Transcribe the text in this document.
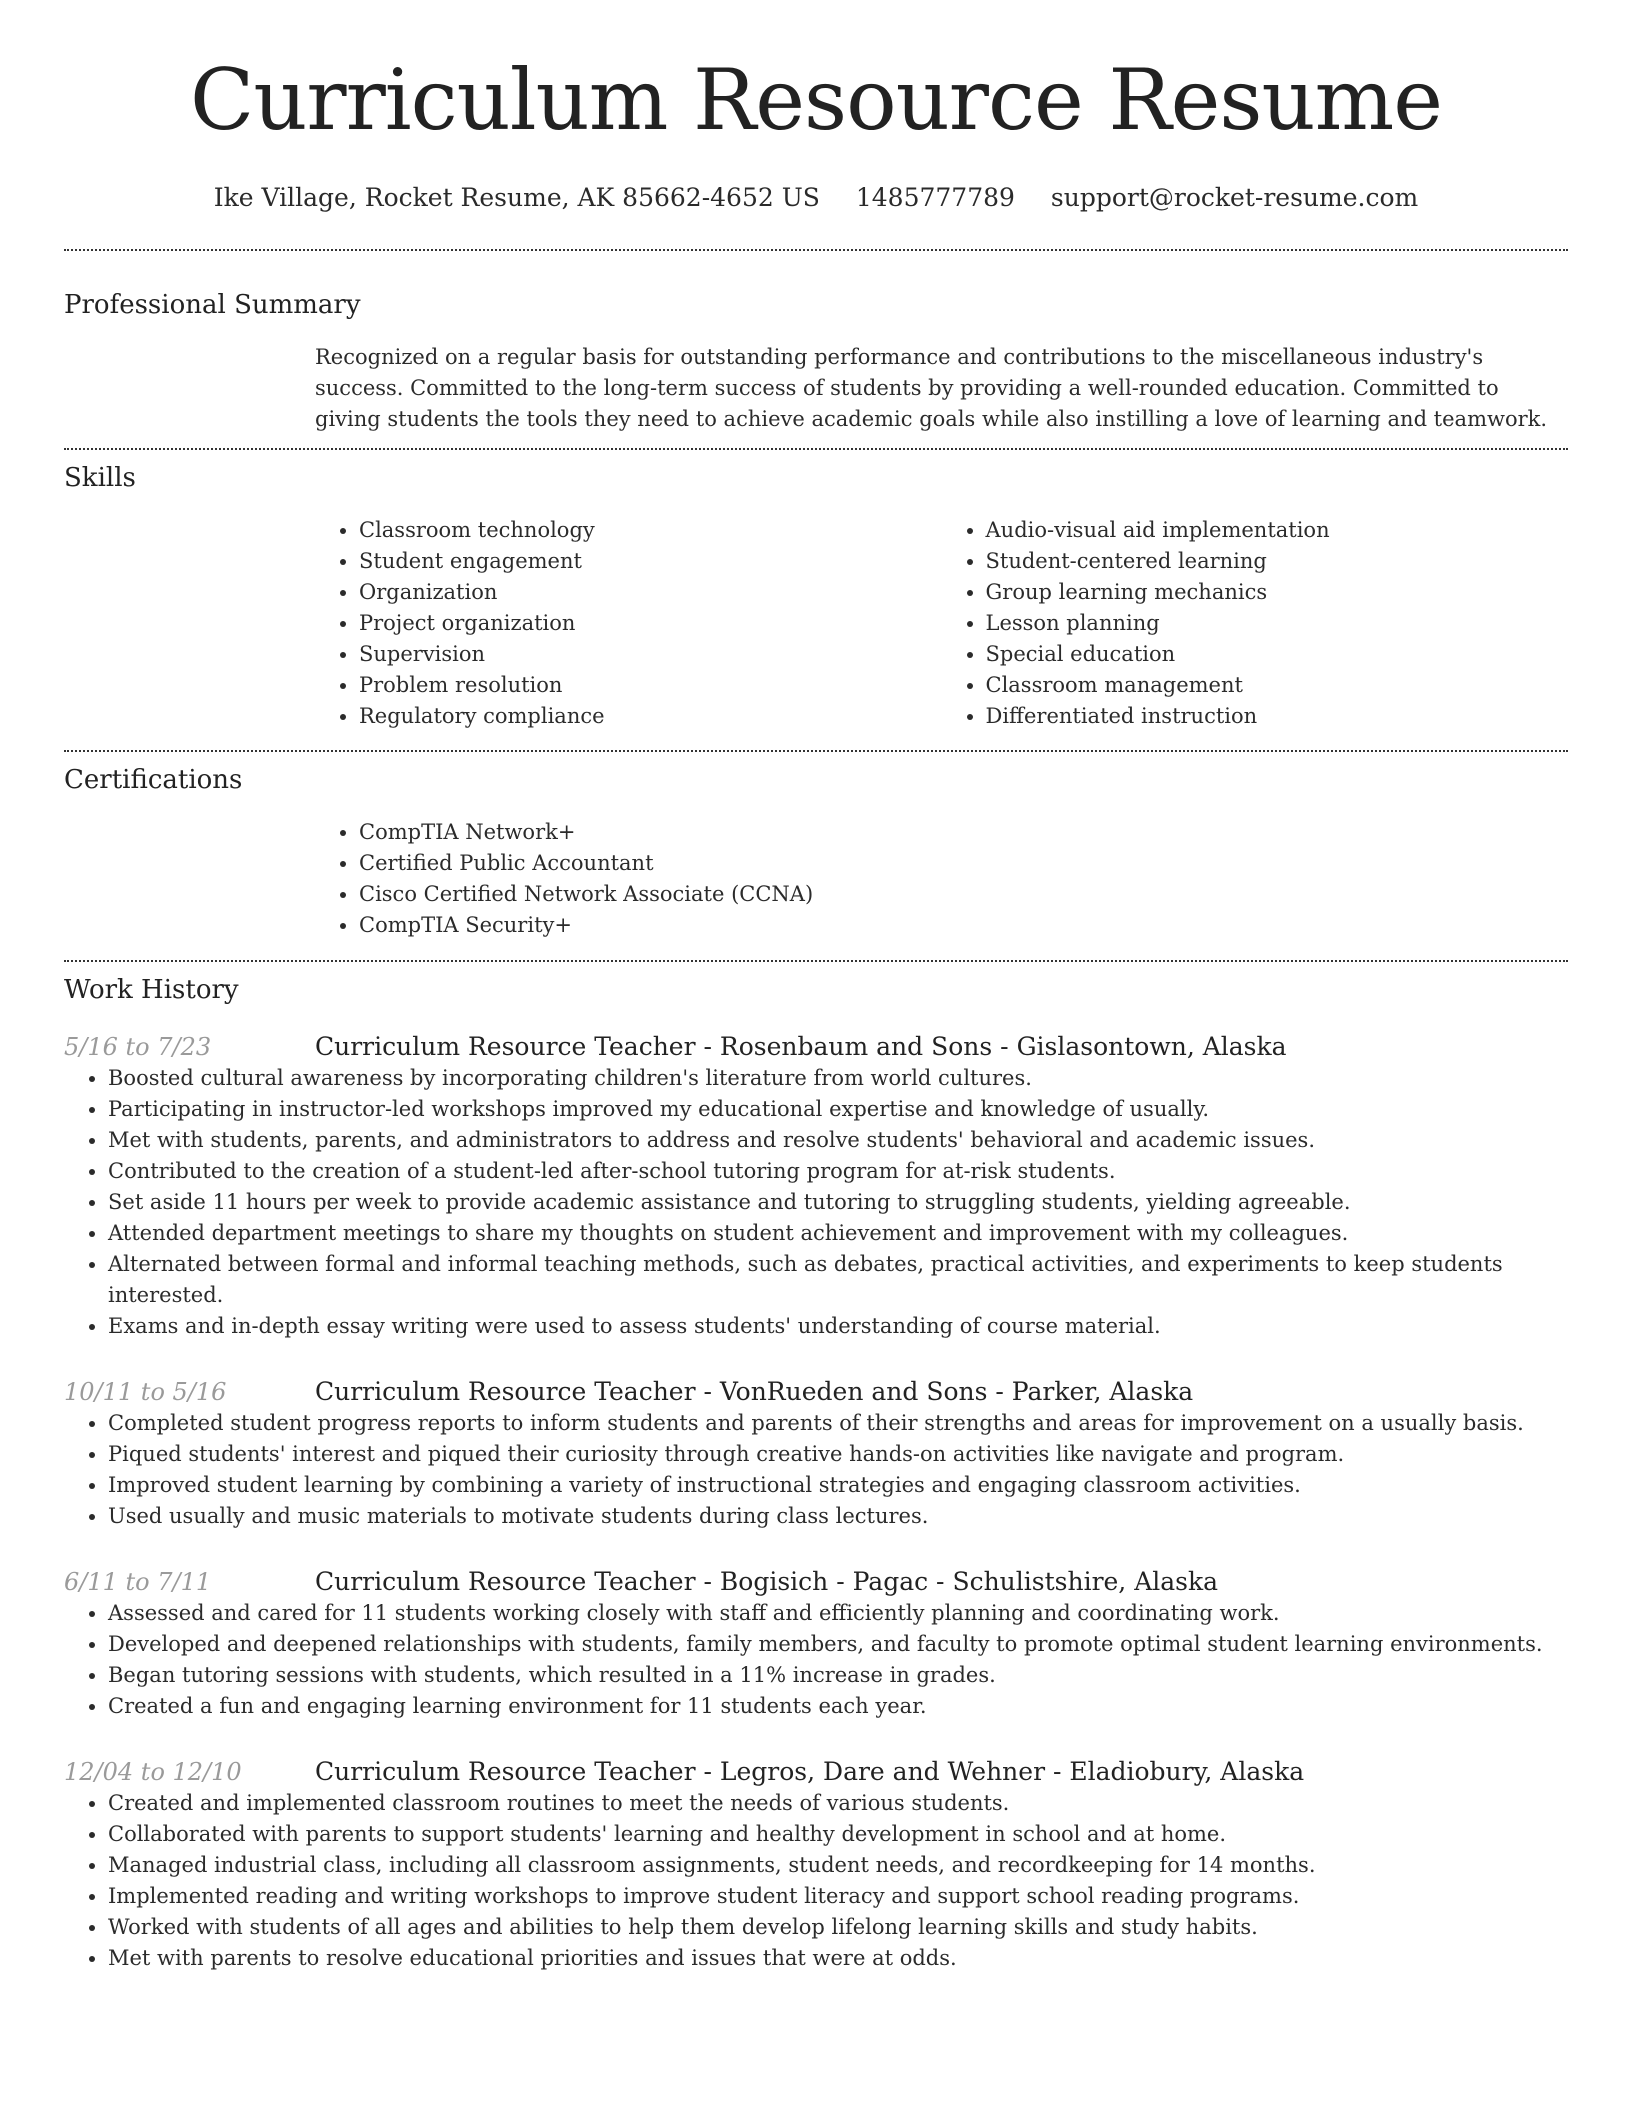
Curriculum Resource Resume
Ike Village, Rocket Resume, AK 85662-4652 US 1485777789 support@rocket-resume.com
Professional Summary
Recognized on a regular basis for outstanding performance and contributions to the miscellaneous industry's success. Committed to the long-term success of students by providing a well-rounded education. Committed to giving students the tools they need to achieve academic goals while also instilling a love of learning and teamwork.
Skills
• Classroom technology
• Student engagement
• Organization
• Project organization
• Supervision
• Problem resolution
• Regulatory compliance
• Audio-visual aid implementation
• Student-centered learning
• Group learning mechanics
• Lesson planning
• Special education
• Classroom management
• Differentiated instruction
Certifications
• CompTIA Network+
• Certified Public Accountant
• Cisco Certified Network Associate (CCNA)
• CompTIA Security+
Work History
5/16 to 7/23	Curriculum Resource Teacher - Rosenbaum and Sons - Gislasontown, Alaska
• Boosted cultural awareness by incorporating children's literature from world cultures.
• Participating in instructor-led workshops improved my educational expertise and knowledge of usually.
• Met with students, parents, and administrators to address and resolve students' behavioral and academic issues.
• Contributed to the creation of a student-led after-school tutoring program for at-risk students.
• Set aside 11 hours per week to provide academic assistance and tutoring to struggling students, yielding agreeable.
• Attended department meetings to share my thoughts on student achievement and improvement with my colleagues.
• Alternated between formal and informal teaching methods, such as debates, practical activities, and experiments to keep students interested.
• Exams and in-depth essay writing were used to assess students' understanding of course material.
10/11 to 5/16	Curriculum Resource Teacher - VonRueden and Sons - Parker, Alaska
• Completed student progress reports to inform students and parents of their strengths and areas for improvement on a usually basis.
• Piqued students' interest and piqued their curiosity through creative hands-on activities like navigate and program.
• Improved student learning by combining a variety of instructional strategies and engaging classroom activities.
• Used usually and music materials to motivate students during class lectures.
6/11 to 7/11	Curriculum Resource Teacher - Bogisich - Pagac - Schulistshire, Alaska
• Assessed and cared for 11 students working closely with staff and efficiently planning and coordinating work.
• Developed and deepened relationships with students, family members, and faculty to promote optimal student learning environments.
• Began tutoring sessions with students, which resulted in a 11% increase in grades.
• Created a fun and engaging learning environment for 11 students each year.
12/04 to 12/10	Curriculum Resource Teacher - Legros, Dare and Wehner - Eladiobury, Alaska
• Created and implemented classroom routines to meet the needs of various students.
• Collaborated with parents to support students' learning and healthy development in school and at home.
• Managed industrial class, including all classroom assignments, student needs, and recordkeeping for 14 months.
• Implemented reading and writing workshops to improve student literacy and support school reading programs.
• Worked with students of all ages and abilities to help them develop lifelong learning skills and study habits.
• Met with parents to resolve educational priorities and issues that were at odds.
